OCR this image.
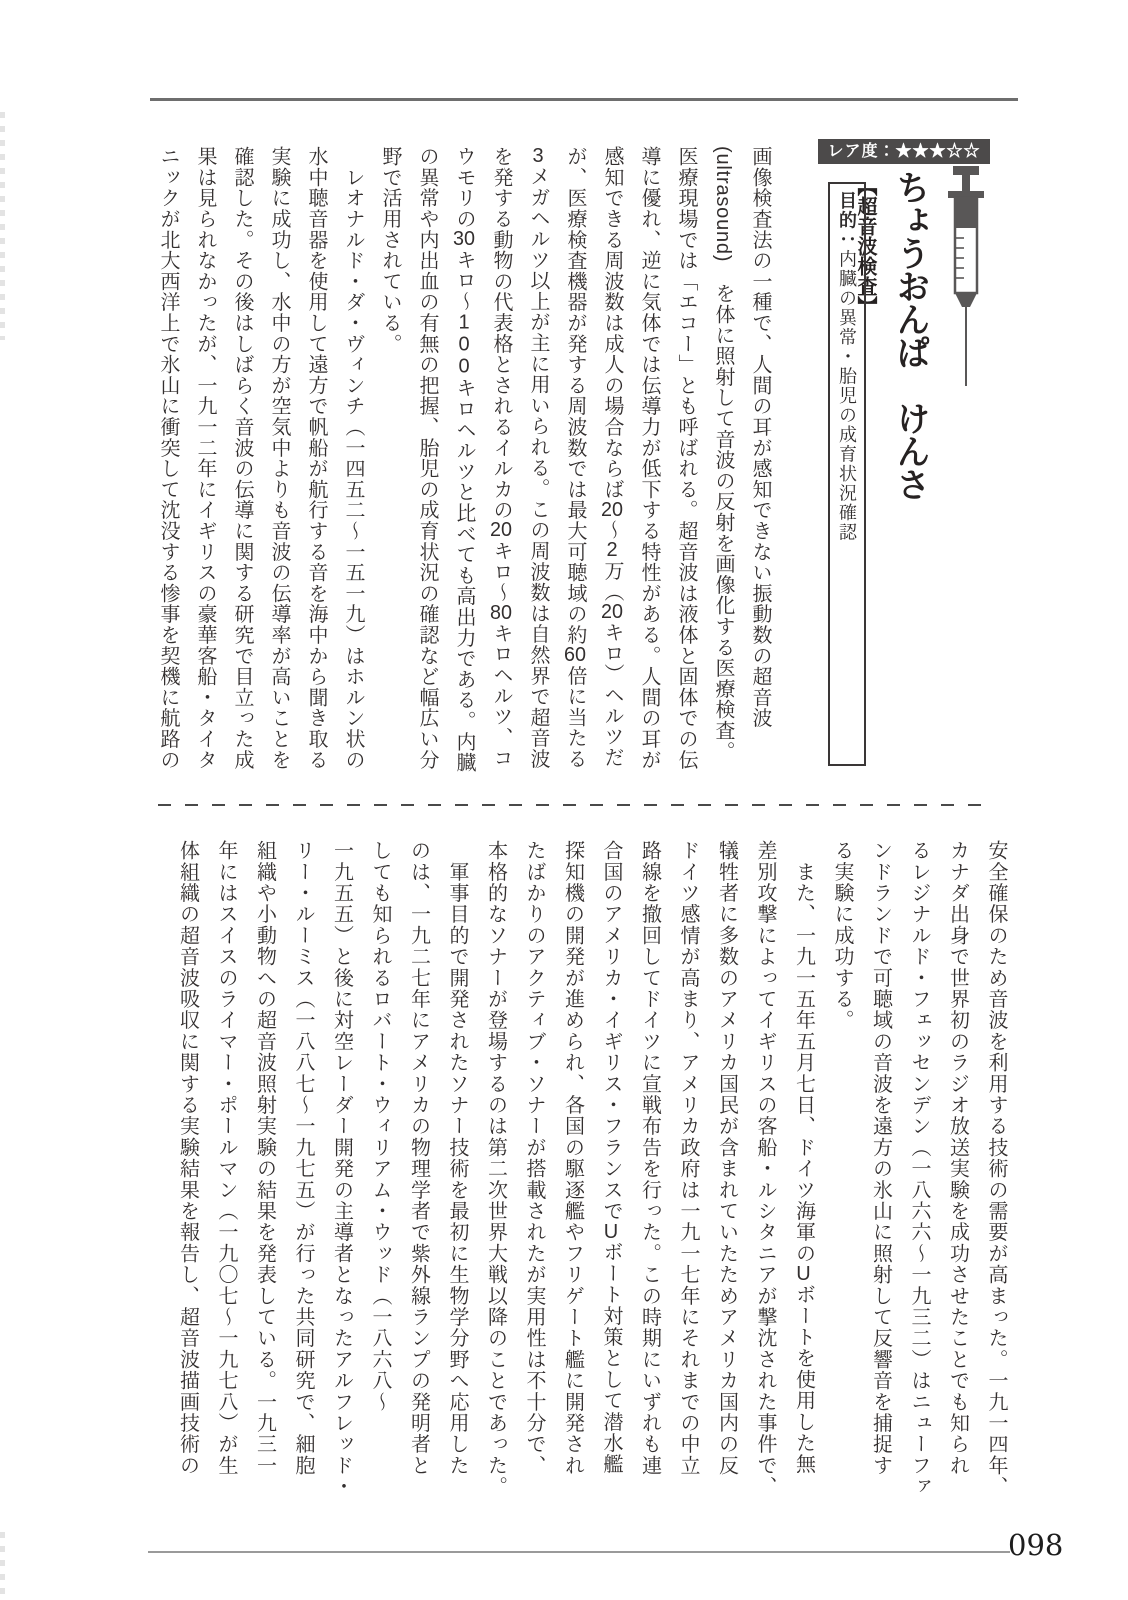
レア度：★★★☆☆
ちょうおんぱ　けんさ
【超音波検査】
目的：内臓の異常・胎児の成育状況確認
画像検査法の一種で、人間の耳が感知できない振動数の超音波
(ultrasound)　を体に照射して音波の反射を画像化する医療検査。
医療現場では「エコー」とも呼ばれる。超音波は液体と固体での伝
導に優れ、逆に気体では伝導力が低下する特性がある。人間の耳が
感知できる周波数は成人の場合ならば20～2万（20キロ）ヘルツだ
が、医療検査機器が発する周波数では最大可聴域の約60倍に当たる
3メガヘルツ以上が主に用いられる。この周波数は自然界で超音波
を発する動物の代表格とされるイルカの20キロ～80キロヘルツ、コ
ウモリの30キロ～100キロヘルツと比べても高出力である。内臓
の異常や内出血の有無の把握、胎児の成育状況の確認など幅広い分
野で活用されている。
　レオナルド・ダ・ヴィンチ（一四五二～一五一九）はホルン状の
水中聴音器を使用して遠方で帆船が航行する音を海中から聞き取る
実験に成功し、水中の方が空気中よりも音波の伝導率が高いことを
確認した。その後はしばらく音波の伝導に関する研究で目立った成
果は見られなかったが、一九一二年にイギリスの豪華客船・タイタ
ニックが北大西洋上で氷山に衝突して沈没する惨事を契機に航路の
安全確保のため音波を利用する技術の需要が高まった。一九一四年、
カナダ出身で世界初のラジオ放送実験を成功させたことでも知られ
るレジナルド・フェッセンデン（一八六六～一九三二）はニューファ
ンドランドで可聴域の音波を遠方の氷山に照射して反響音を捕捉す
る実験に成功する。
　また、一九一五年五月七日、ドイツ海軍のUボートを使用した無
差別攻撃によってイギリスの客船・ルシタニアが撃沈された事件で、
犠牲者に多数のアメリカ国民が含まれていたためアメリカ国内の反
ドイツ感情が高まり、アメリカ政府は一九一七年にそれまでの中立
路線を撤回してドイツに宣戦布告を行った。この時期にいずれも連
合国のアメリカ・イギリス・フランスでUボート対策として潜水艦
探知機の開発が進められ、各国の駆逐艦やフリゲート艦に開発され
たばかりのアクティブ・ソナーが搭載されたが実用性は不十分で、
本格的なソナーが登場するのは第二次世界大戦以降のことであった。
　軍事目的で開発されたソナー技術を最初に生物学分野へ応用した
のは、一九二七年にアメリカの物理学者で紫外線ランプの発明者と
しても知られるロバート・ウィリアム・ウッド（一八六八～
一九五五）と後に対空レーダー開発の主導者となったアルフレッド・
リー・ルーミス（一八八七～一九七五）が行った共同研究で、細胞
組織や小動物への超音波照射実験の結果を発表している。一九三一
年にはスイスのライマー・ポールマン（一九〇七～一九七八）が生
体組織の超音波吸収に関する実験結果を報告し、超音波描画技術の
098
